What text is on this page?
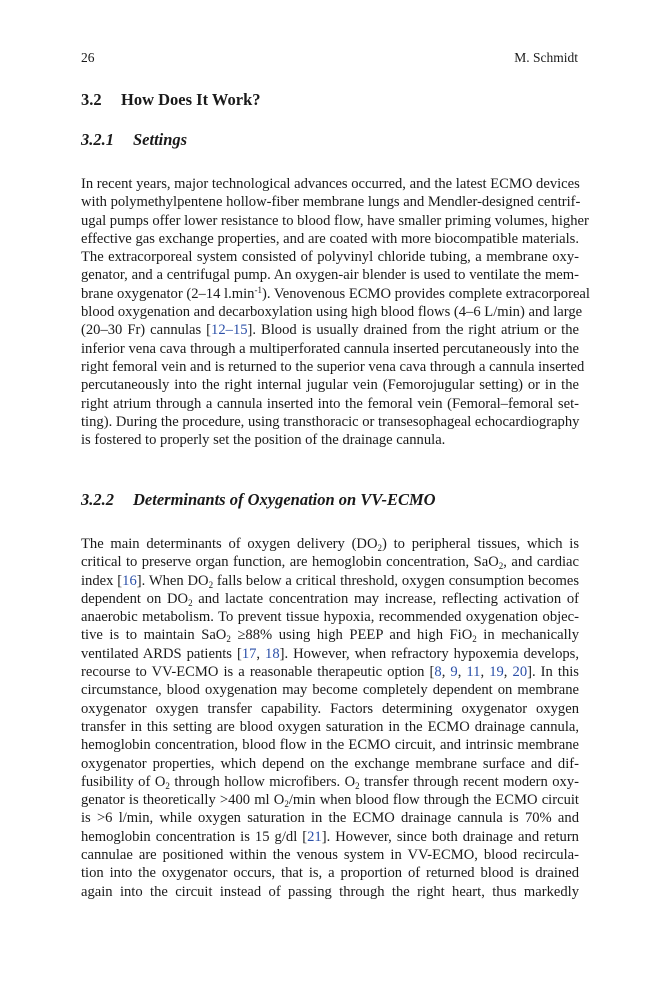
26	M. Schmidt
3.2 How Does It Work?
3.2.1 Settings
In recent years, major technological advances occurred, and the latest ECMO devices
with polymethylpentene hollow-fiber membrane lungs and Mendler-designed centrif-
ugal pumps offer lower resistance to blood flow, have smaller priming volumes, higher
effective gas exchange properties, and are coated with more biocompatible materials.
The extracorporeal system consisted of polyvinyl chloride tubing, a membrane oxy-
genator, and a centrifugal pump. An oxygen-air blender is used to ventilate the mem-
brane oxygenator (2–14 $l.\min^{-1}$). Venovenous ECMO provides complete extracorporeal
blood oxygenation and decarboxylation using high blood flows (4–6 L/min) and large
(20–30 Fr) cannulas [12–15]. Blood is usually drained from the right atrium or the
inferior vena cava through a multiperforated cannula inserted percutaneously into the
right femoral vein and is returned to the superior vena cava through a cannula inserted
percutaneously into the right internal jugular vein (Femorojugular setting) or in the
right atrium through a cannula inserted into the femoral vein (Femoral–femoral set-
ting). During the procedure, using transthoracic or transesophageal echocardiography
is fostered to properly set the position of the drainage cannula.
3.2.2 Determinants of Oxygenation on VV-ECMO
The main determinants of oxygen delivery $(DO_2)$ to peripheral tissues, which is
critical to preserve organ function, are hemoglobin concentration, SaO$_2$, and cardiac
index [16]. When $DO_2$ falls below a critical threshold, oxygen consumption becomes
dependent on $DO_2$ and lactate concentration may increase, reflecting activation of
anaerobic metabolism. To prevent tissue hypoxia, recommended oxygenation objec-
tive is to maintain SaO$_2$ ≥88% using high PEEP and high FiO$_2$ in mechanically
ventilated ARDS patients [17, 18]. However, when refractory hypoxemia develops,
recourse to VV-ECMO is a reasonable therapeutic option [8, 9, 11, 19, 20]. In this
circumstance, blood oxygenation may become completely dependent on membrane
oxygenator oxygen transfer capability. Factors determining oxygenator oxygen
transfer in this setting are blood oxygen saturation in the ECMO drainage cannula,
hemoglobin concentration, blood flow in the ECMO circuit, and intrinsic membrane
oxygenator properties, which depend on the exchange membrane surface and dif-
fusibility of $O_2$ through hollow microfibers. $O_2$ transfer through recent modern oxy-
genator is theoretically >400 ml $O_2/\min$ when blood flow through the ECMO circuit
is >6 l/min, while oxygen saturation in the ECMO drainage cannula is 70% and
hemoglobin concentration is 15 g/dl [21]. However, since both drainage and return
cannulae are positioned within the venous system in VV-ECMO, blood recircula-
tion into the oxygenator occurs, that is, a proportion of returned blood is drained
again into the circuit instead of passing through the right heart, thus markedly
